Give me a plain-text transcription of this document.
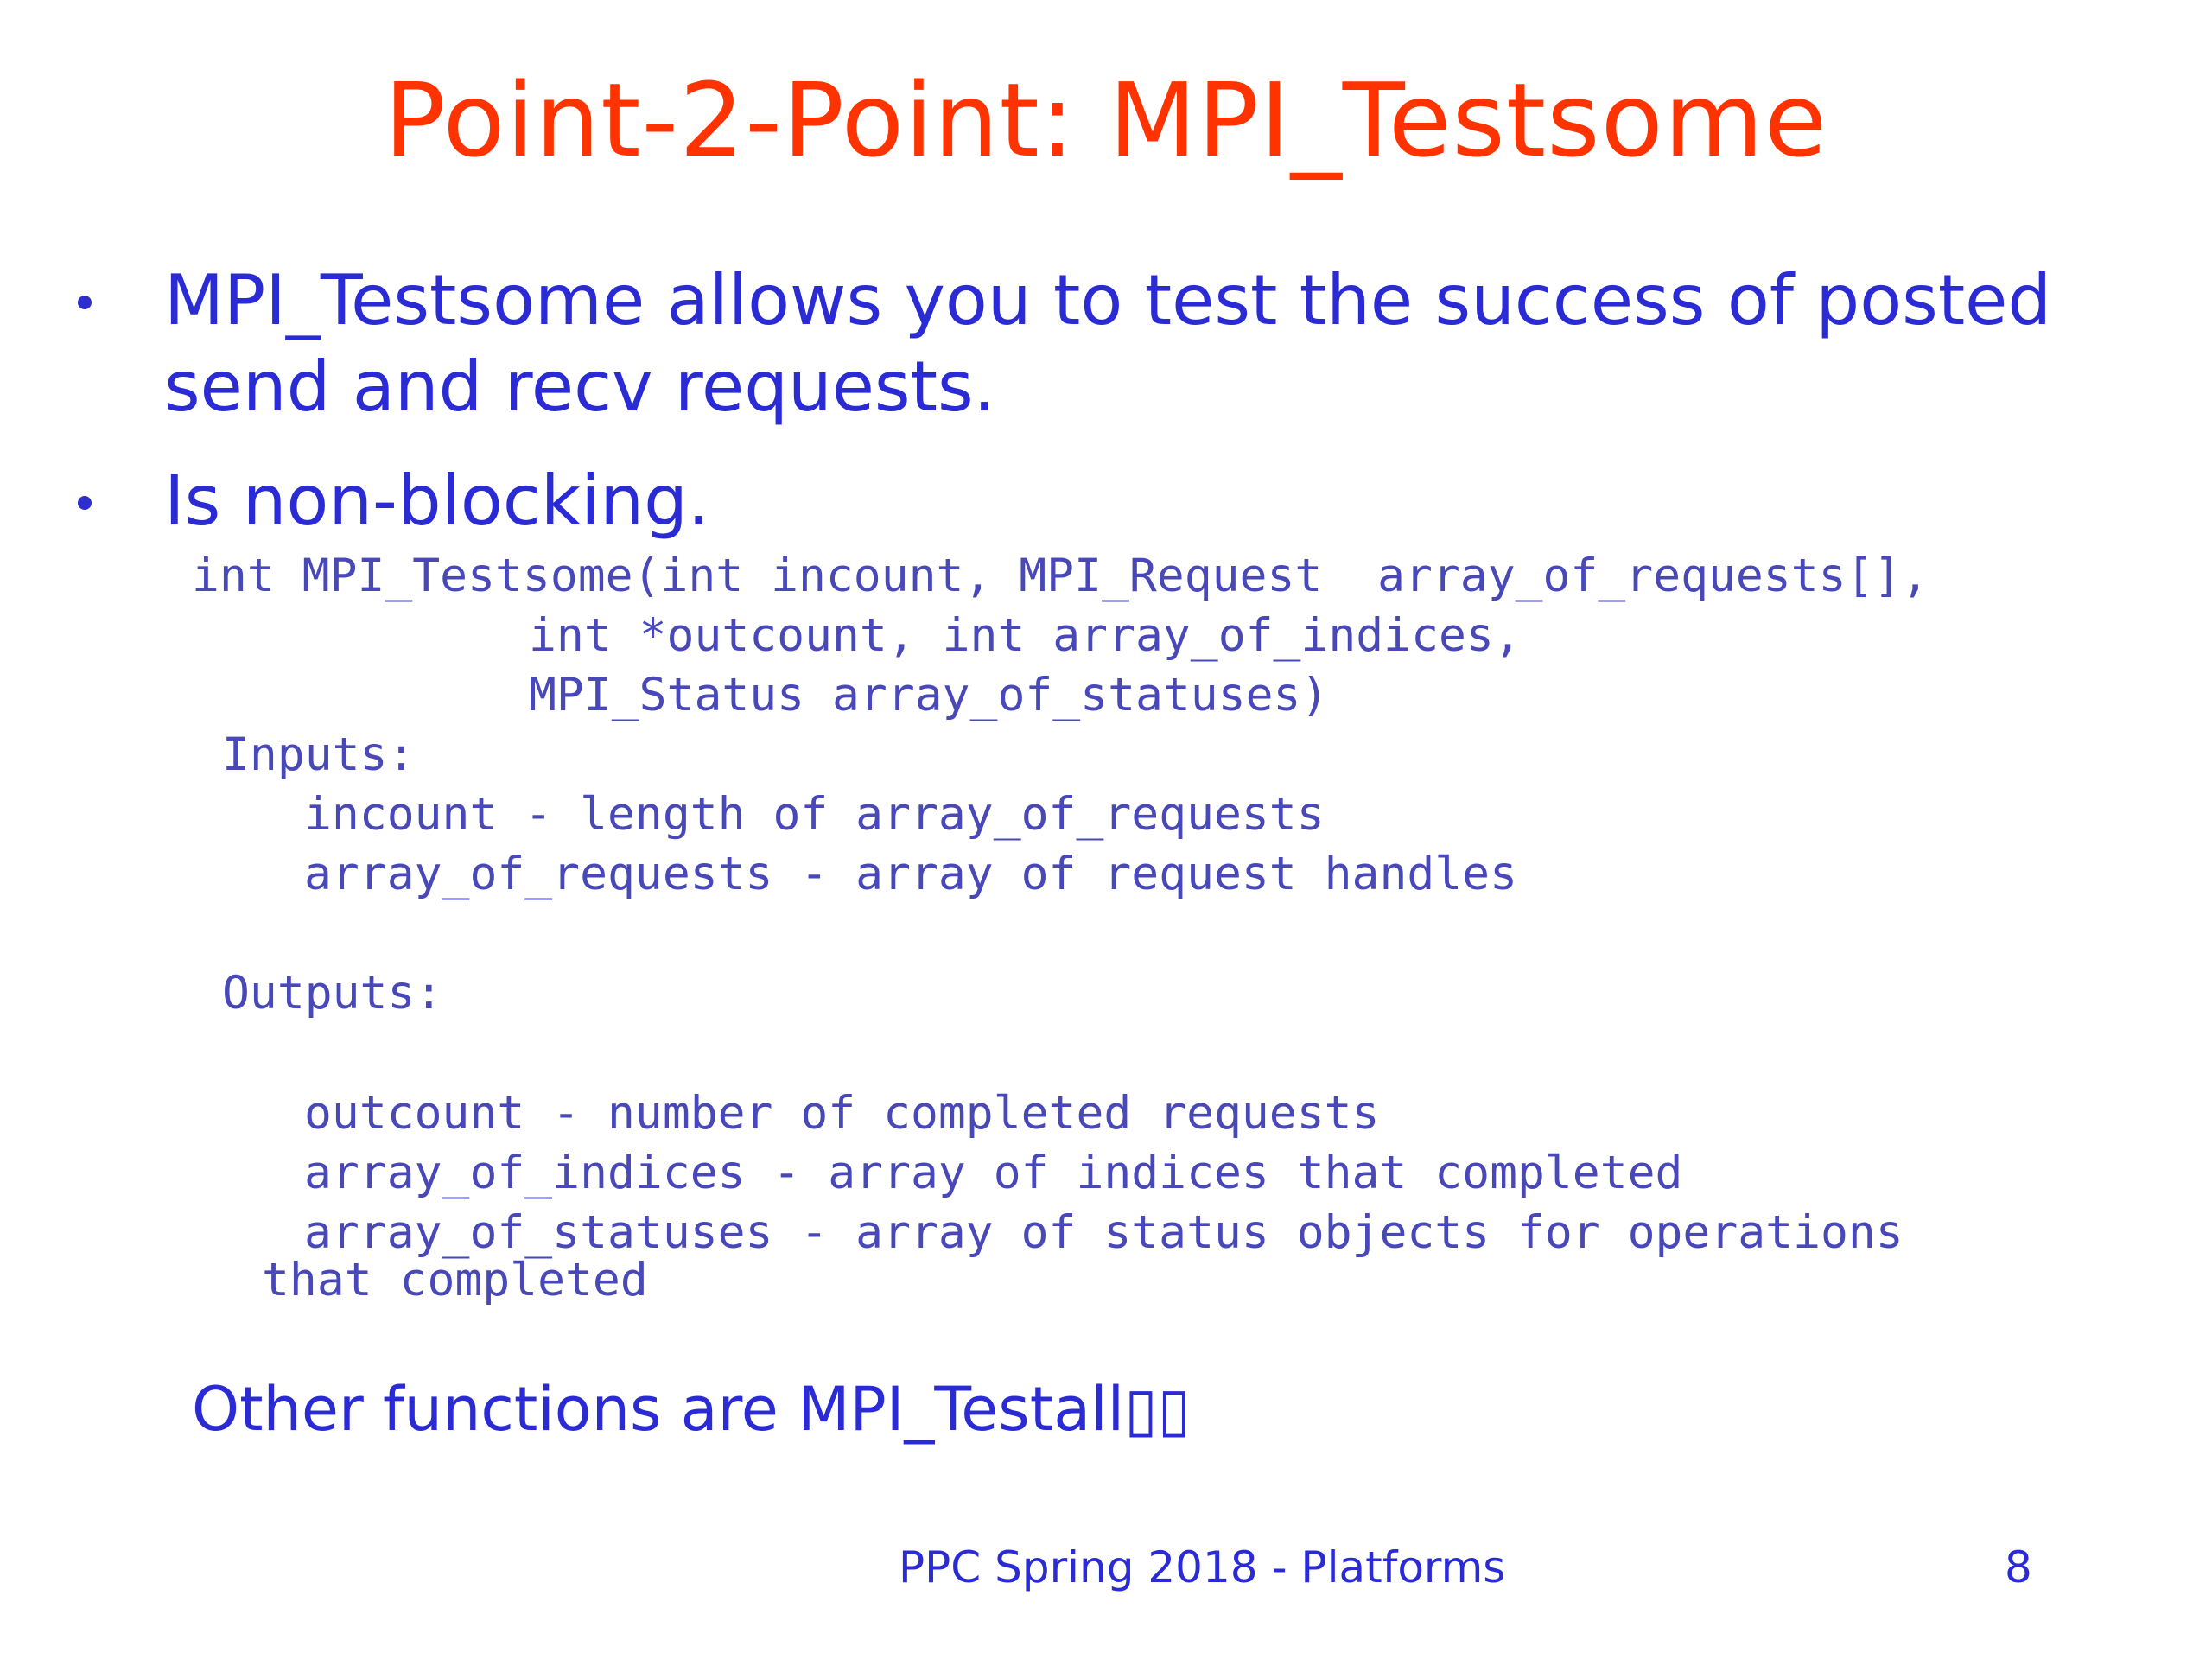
Point-2-Point: MPI_Testsome
MPI_Testsome allows you to test the success of posted
send and recv requests.
Is non-blocking.
int MPI_Testsome(int incount, MPI_Request  array_of_requests[],
int *outcount, int array_of_indices,
MPI_Status array_of_statuses)
Inputs:
incount - length of array_of_requests
array_of_requests - array of request handles
Outputs:
outcount - number of completed requests
array_of_indices - array of indices that completed
array_of_statuses - array of status objects for operations
that completed
Other functions are MPI_Testall▯▯
PPC Spring 2018 - Platforms	8
